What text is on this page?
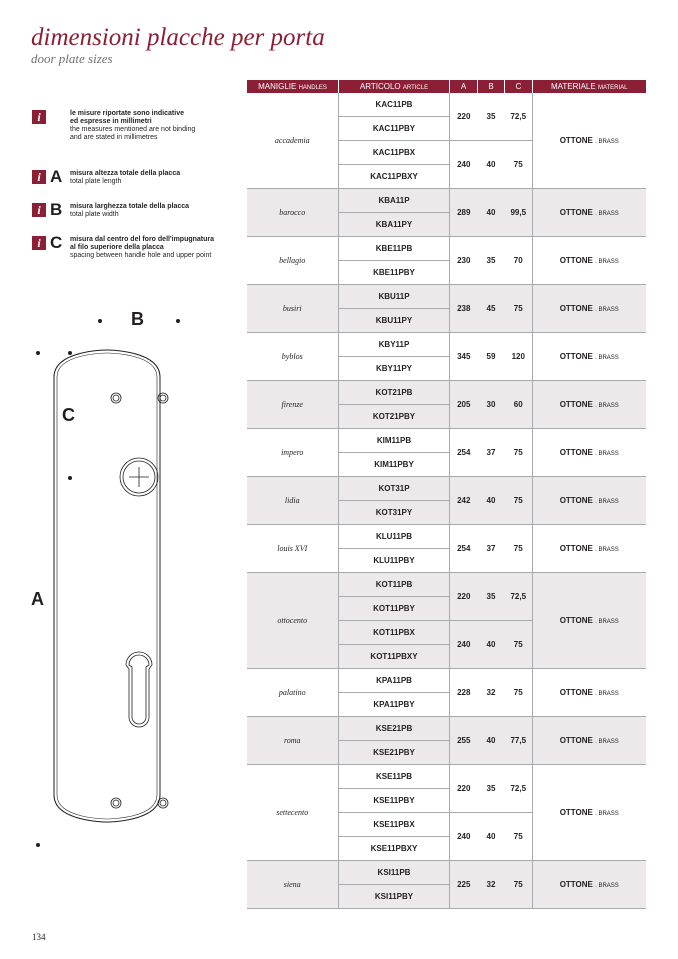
dimensioni placche per porta
door plate sizes
i	le misure riportate sono indicative
ed espresse in millimetri
the measures mentioned are not binding
and are stated in millimetres
i A misura altezza totale della placca
total plate length
i B misura larghezza totale della placca
total plate width
i C misura dal centro del foro dell'impugnatura
al filo superiore della placca
spacing between handle hole and upper point
B
C
A
MANIGLIE HANDLES	ARTICOLO ARTICLE	A	B	C	MATERIALE MATERIAL
accademia	KAC11PB	220	35	72,5	OTTONE . BRASS
	KAC11PBY				
	KAC11PBX	240	40	75	
	KAC11PBXY				
barocco	KBA11P	289	40	99,5	OTTONE . BRASS
	KBA11PY				
bellagio	KBE11PB	230	35	70	OTTONE . BRASS
	KBE11PBY				
busiri	KBU11P	238	45	75	OTTONE . BRASS
	KBU11PY				
byblos	KBY11P	345	59	120	OTTONE . BRASS
	KBY11PY				
firenze	KOT21PB	205	30	60	OTTONE . BRASS
	KOT21PBY				
impero	KIM11PB	254	37	75	OTTONE . BRASS
	KIM11PBY				
lidia	KOT31P	242	40	75	OTTONE . BRASS
	KOT31PY				
louis XVI	KLU11PB	254	37	75	OTTONE . BRASS
	KLU11PBY				
ottocento	KOT11PB	220	35	72,5	OTTONE . BRASS
	KOT11PBY				
	KOT11PBX	240	40	75	
	KOT11PBXY				
palatino	KPA11PB	228	32	75	OTTONE . BRASS
	KPA11PBY				
roma	KSE21PB	255	40	77,5	OTTONE . BRASS
	KSE21PBY				
settecento	KSE11PB	220	35	72,5	OTTONE . BRASS
	KSE11PBY				
	KSE11PBX	240	40	75	
	KSE11PBXY				
siena	KSI11PB	225	32	75	OTTONE . BRASS
	KSI11PBY				
134
